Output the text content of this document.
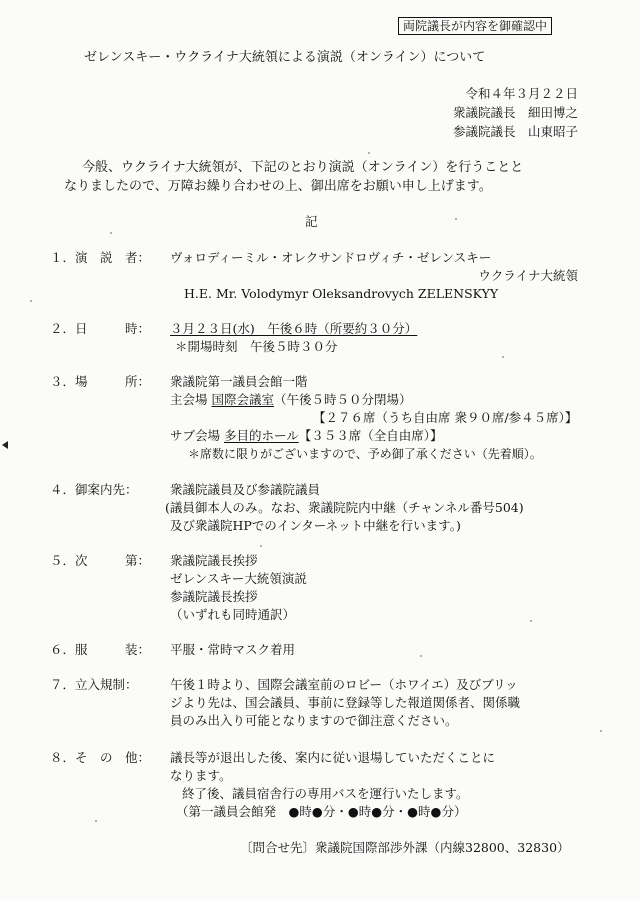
両院議長が内容を御確認中
ゼレンスキー・ウクライナ大統領による演説（オンライン）について
令和４年３月２２日
衆議院議長　細田博之
参議院議長　山東昭子
今般、ウクライナ大統領が、下記のとおり演説（オンライン）を行うことと
なりましたので、万障お繰り合わせの上、御出席をお願い申し上げます。
記
１．演　説　者： ヴォロディーミル・オレクサンドロヴィチ・ゼレンスキー
ウクライナ大統領
H.E. Mr. Volodymyr Oleksandrovych ZELENSKYY
２．日　　　時： ３月２３日(水)　午後６時（所要約３０分）
＊開場時刻　午後５時３０分
３．場　　　所： 衆議院第一議員会館一階
主会場 国際会議室（午後５時５０分閉場）
【２７６席（うち自由席 衆９０席/参４５席）】
サブ会場 多目的ホール【３５３席（全自由席）】
＊席数に限りがございますので、予め御了承ください（先着順）。
４．御案内先：	衆議院議員及び参議院議員
(議員御本人のみ。なお、衆議院院内中継（チャンネル番号504)
及び衆議院HPでのインターネット中継を行います。)
５．次　　　第： 衆議院議長挨拶
ゼレンスキー大統領演説
参議院議長挨拶
（いずれも同時通訳）
６．服　　　装： 平服・常時マスク着用
７．立入規制：	午後１時より、国際会議室前のロビー（ホワイエ）及びブリッ
ジより先は、国会議員、事前に登録等した報道関係者、関係職
員のみ出入り可能となりますので御注意ください。
８．そ　の　他： 議長等が退出した後、案内に従い退場していただくことに
なります。
終了後、議員宿舎行の専用バスを運行いたします。
（第一議員会館発　●時●分・●時●分・●時●分）
〔問合せ先〕衆議院国際部渉外課（内線32800、32830）
